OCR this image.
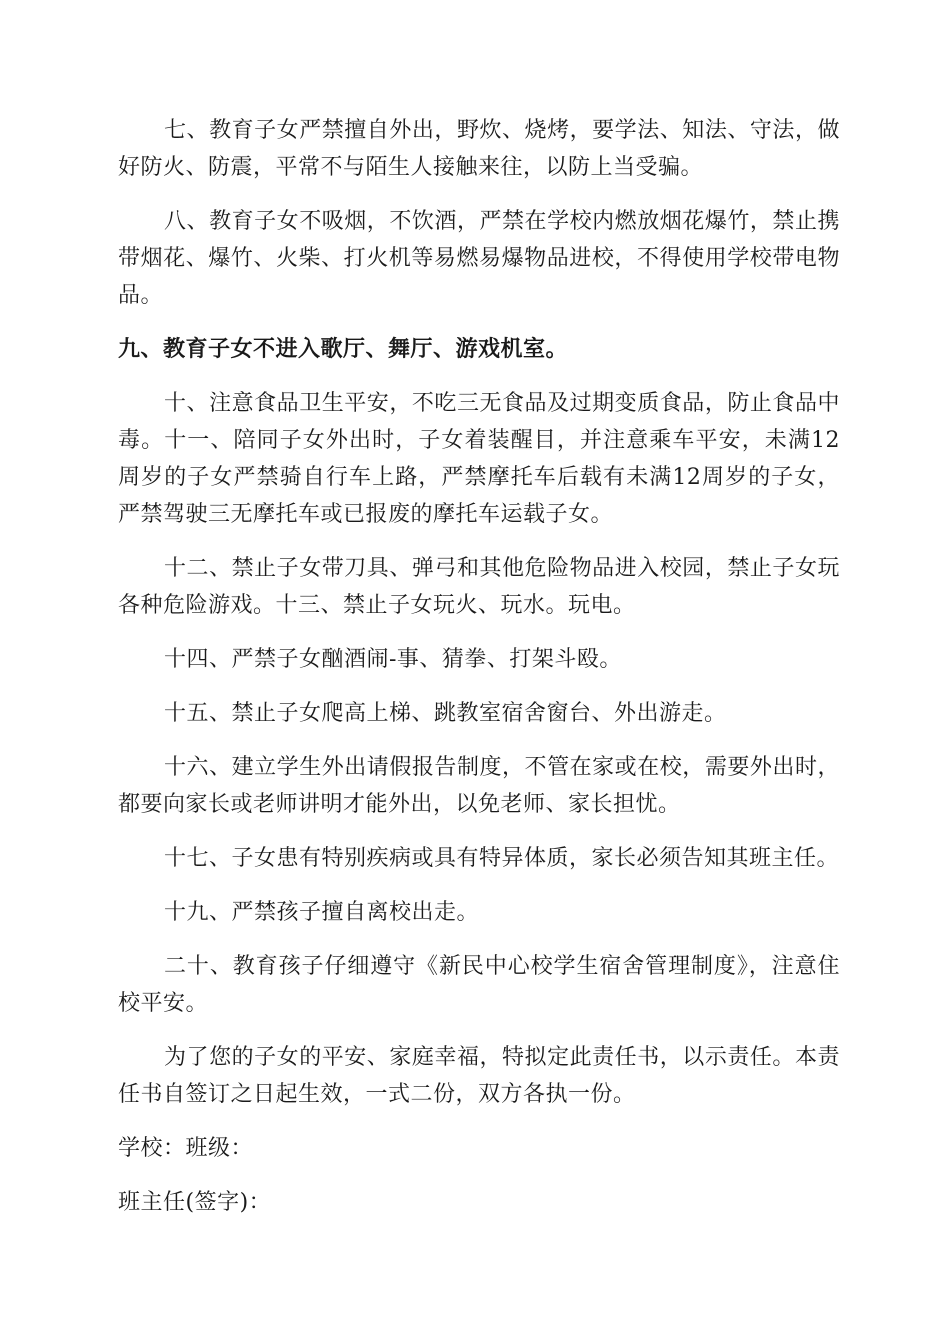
七、教育子女严禁擅自外出，野炊、烧烤，要学法、知法、守法，做好防火、防震，平常不与陌生人接触来往，以防上当受骗。

八、教育子女不吸烟，不饮酒，严禁在学校内燃放烟花爆竹，禁止携带烟花、爆竹、火柴、打火机等易燃易爆物品进校，不得使用学校带电物品。

九、教育子女不进入歌厅、舞厅、游戏机室。

十、注意食品卫生平安，不吃三无食品及过期变质食品，防止食品中毒。十一、陪同子女外出时，子女着装醒目，并注意乘车平安，未满12周岁的子女严禁骑自行车上路，严禁摩托车后载有未满12周岁的子女，严禁驾驶三无摩托车或已报废的摩托车运载子女。

十二、禁止子女带刀具、弹弓和其他危险物品进入校园，禁止子女玩各种危险游戏。十三、禁止子女玩火、玩水。玩电。

十四、严禁子女酗酒闹-事、猜拳、打架斗殴。

十五、禁止子女爬高上梯、跳教室宿舍窗台、外出游走。

十六、建立学生外出请假报告制度，不管在家或在校，需要外出时，都要向家长或老师讲明才能外出，以免老师、家长担忧。

十七、子女患有特别疾病或具有特异体质，家长必须告知其班主任。

十九、严禁孩子擅自离校出走。

二十、教育孩子仔细遵守《新民中心校学生宿舍管理制度》，注意住校平安。

为了您的子女的平安、家庭幸福，特拟定此责任书，以示责任。本责任书自签订之日起生效，一式二份，双方各执一份。

学校：班级：

班主任(签字)：
